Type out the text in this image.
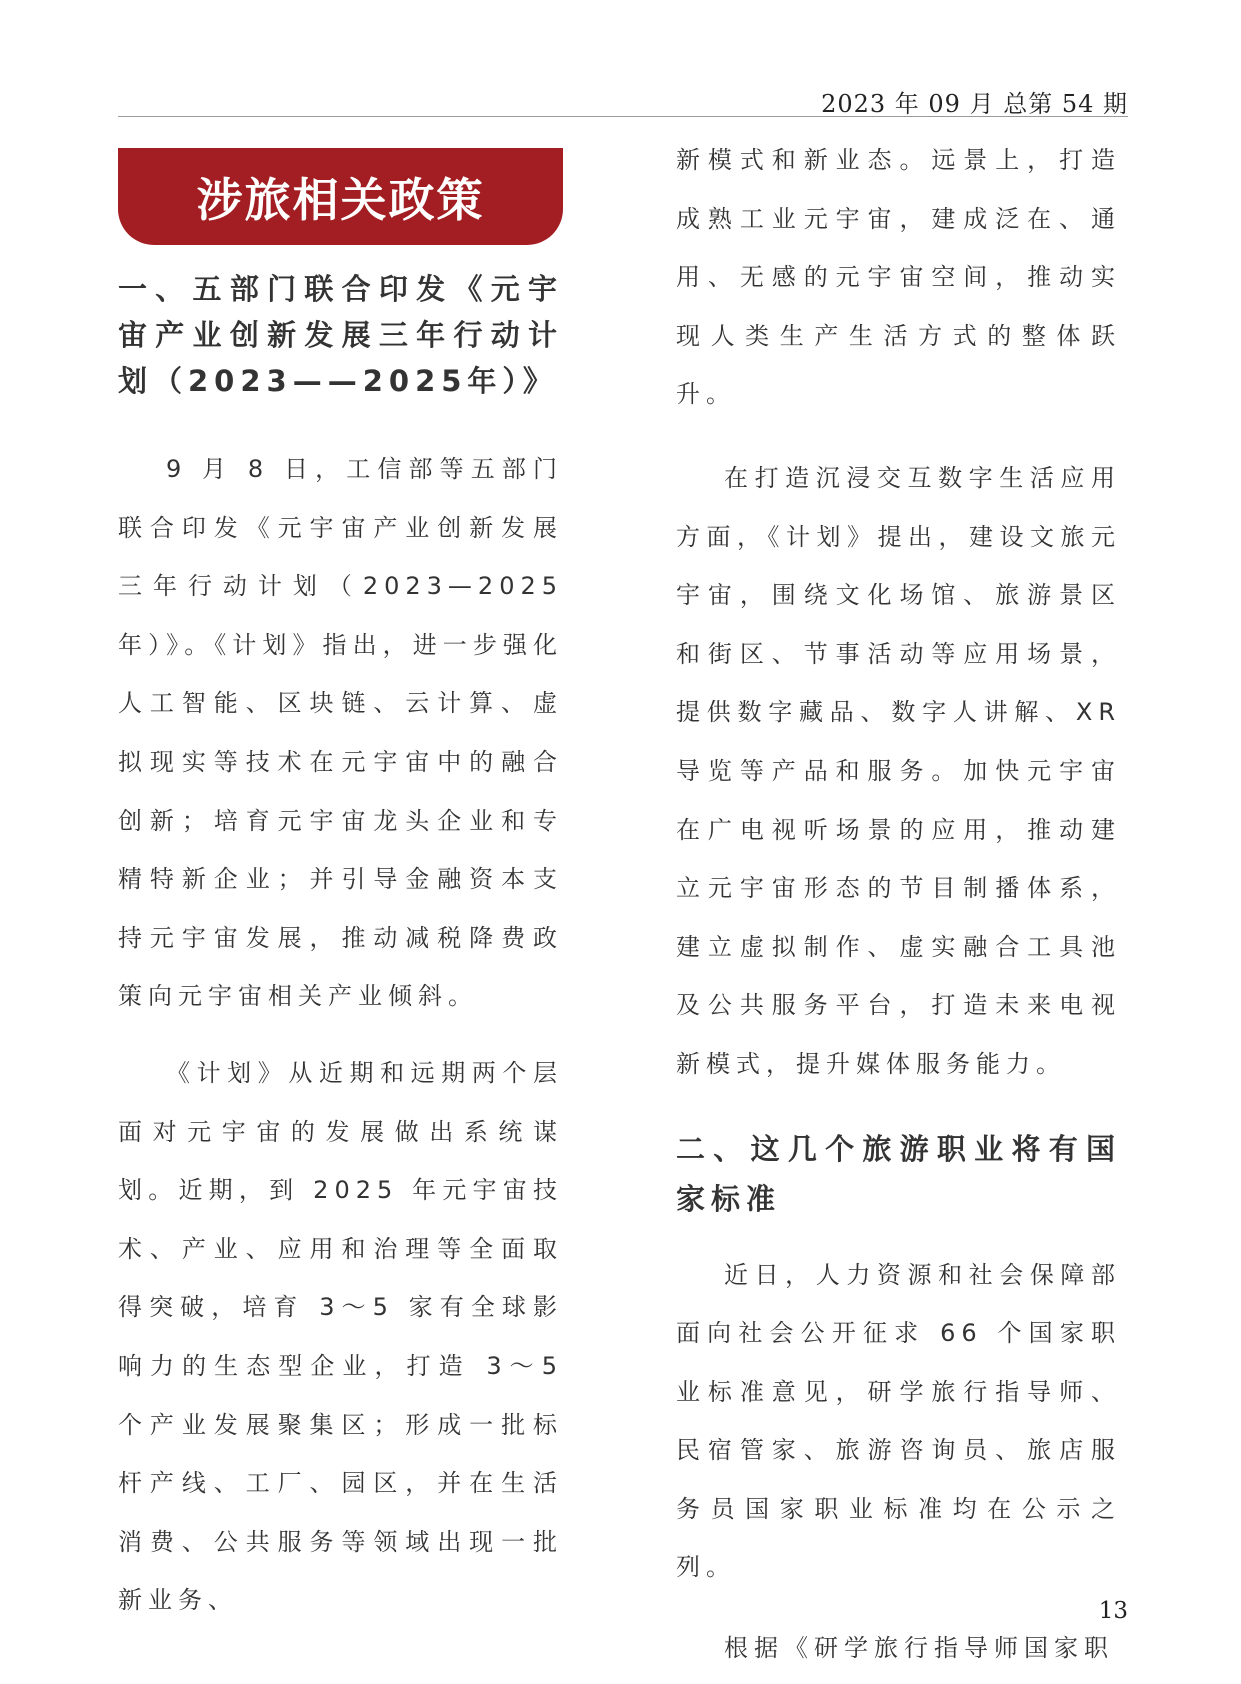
2023 年 09 月 总第 54 期
涉旅相关政策

一、五部门联合印发《元宇宙产业创新发展三年行动计划（2023——2025年）》

9 月 8 日，工信部等五部门联合印发《元宇宙产业创新发展三年行动计划（2023—2025年）》。《计划》指出，进一步强化人工智能、区块链、云计算、虚拟现实等技术在元宇宙中的融合创新；培育元宇宙龙头企业和专精特新企业；并引导金融资本支持元宇宙发展，推动减税降费政策向元宇宙相关产业倾斜。

《计划》从近期和远期两个层面对元宇宙的发展做出系统谋划。近期，到 2025 年元宇宙技术、产业、应用和治理等全面取得突破，培育 3～5 家有全球影响力的生态型企业，打造 3～5 个产业发展聚集区；形成一批标杆产线、工厂、园区，并在生活消费、公共服务等领域出现一批新业务、

新模式和新业态。远景上，打造成熟工业元宇宙，建成泛在、通用、无感的元宇宙空间，推动实现人类生产生活方式的整体跃升。

在打造沉浸交互数字生活应用方面，《计划》提出，建设文旅元宇宙，围绕文化场馆、旅游景区和街区、节事活动等应用场景，提供数字藏品、数字人讲解、XR 导览等产品和服务。加快元宇宙在广电视听场景的应用，推动建立元宇宙形态的节目制播体系，建立虚拟制作、虚实融合工具池及公共服务平台，打造未来电视新模式，提升媒体服务能力。

二、这几个旅游职业将有国家标准

近日，人力资源和社会保障部面向社会公开征求 66 个国家职业标准意见，研学旅行指导师、民宿管家、旅游咨询员、旅店服务员国家职业标准均在公示之列。

根据《研学旅行指导师国家职

13
